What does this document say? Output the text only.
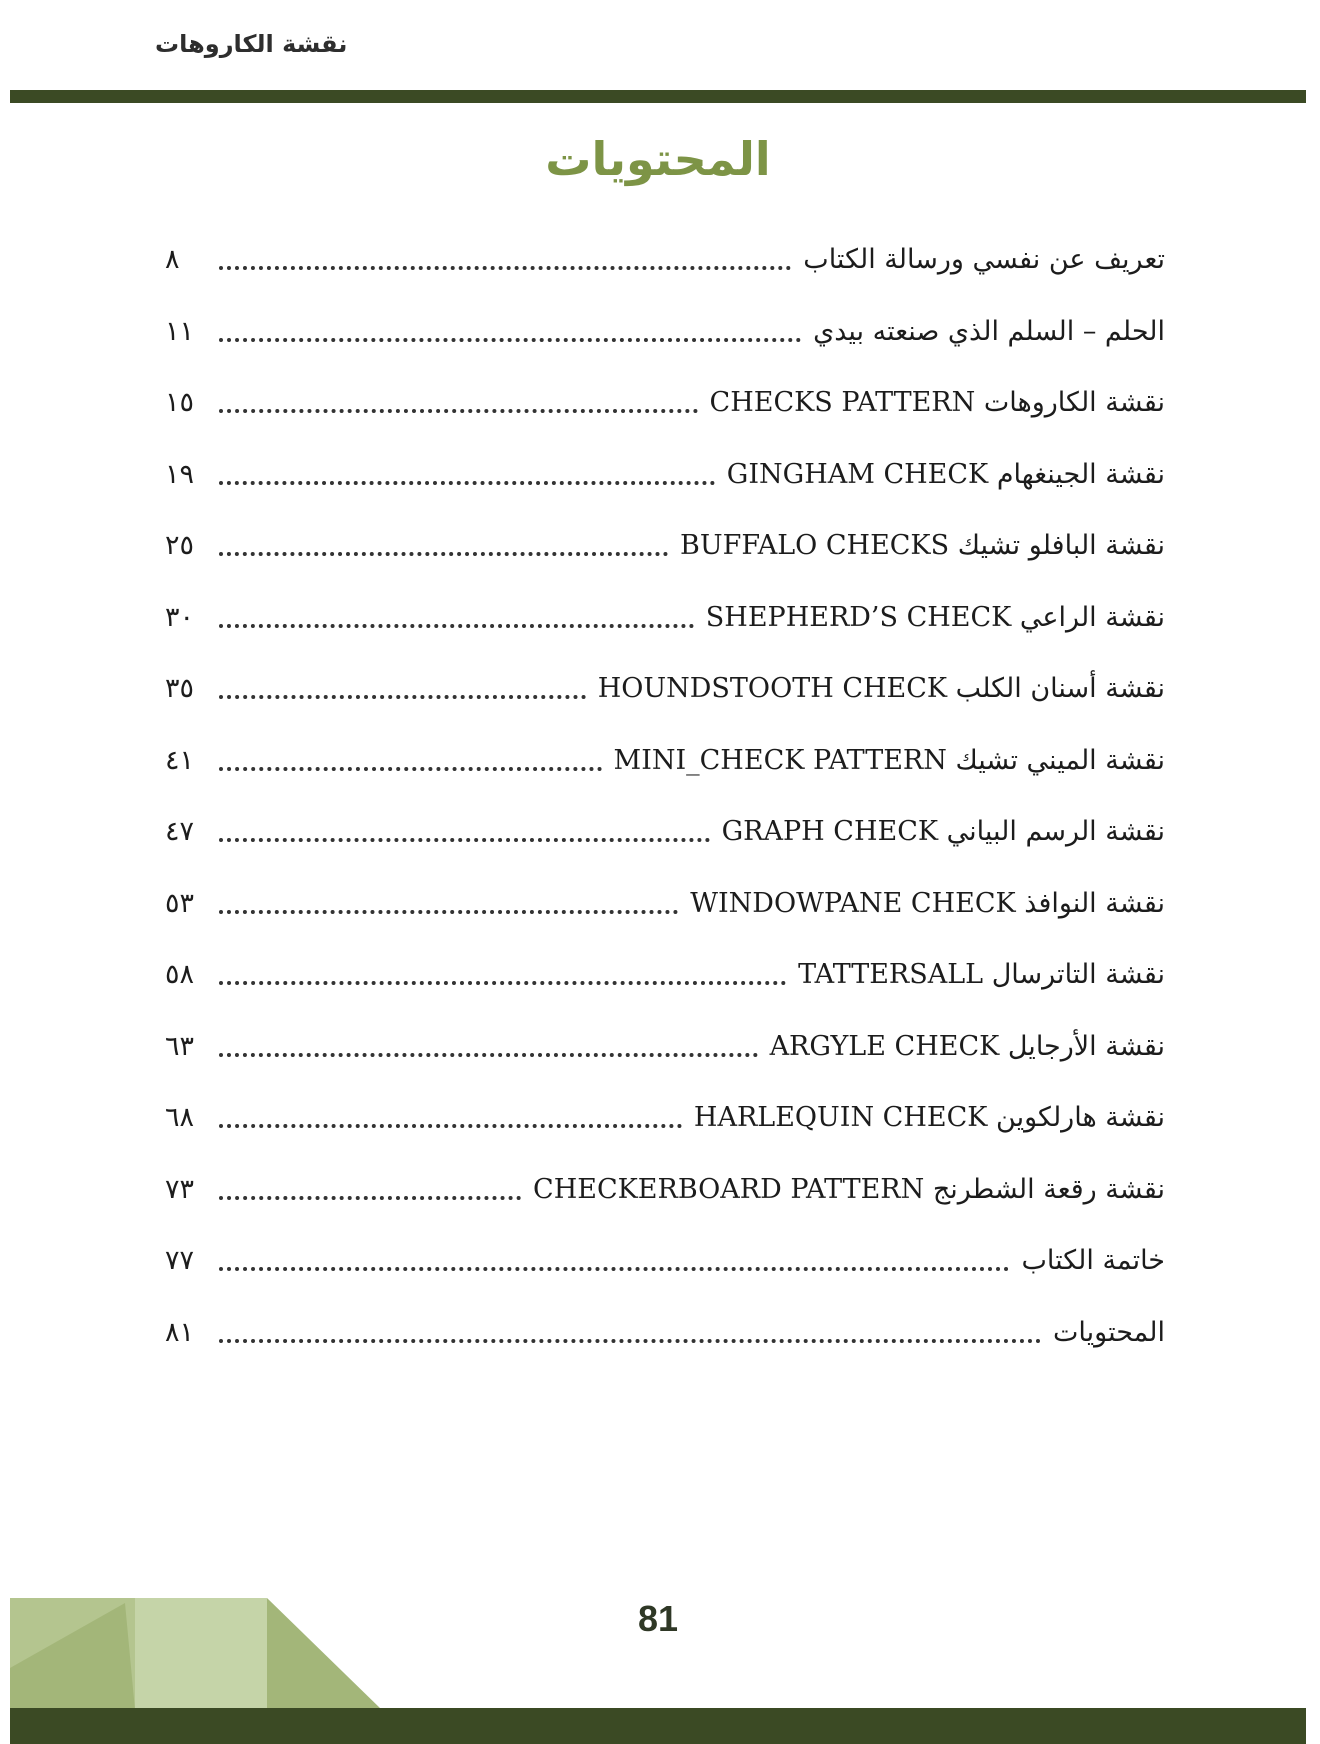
نقشة الكاروهات
المحتويات
تعريف عن نفسي ورسالة الكتاب
٨
الحلم – السلم الذي صنعته بيدي
١١
نقشة الكاروهات CHECKS PATTERN
١٥
نقشة الجينغهام GINGHAM CHECK
١٩
نقشة البافلو تشيك BUFFALO CHECKS
٢٥
نقشة الراعي SHEPHERD’S CHECK
٣٠
نقشة أسنان الكلب HOUNDSTOOTH CHECK
٣٥
نقشة الميني تشيك MINI_CHECK PATTERN
٤١
نقشة الرسم البياني GRAPH CHECK
٤٧
نقشة النوافذ WINDOWPANE CHECK
٥٣
نقشة التاترسال TATTERSALL
٥٨
نقشة الأرجايل ARGYLE CHECK
٦٣
نقشة هارلكوين HARLEQUIN CHECK
٦٨
نقشة رقعة الشطرنج CHECKERBOARD PATTERN
٧٣
خاتمة الكتاب
٧٧
المحتويات
٨١
81
